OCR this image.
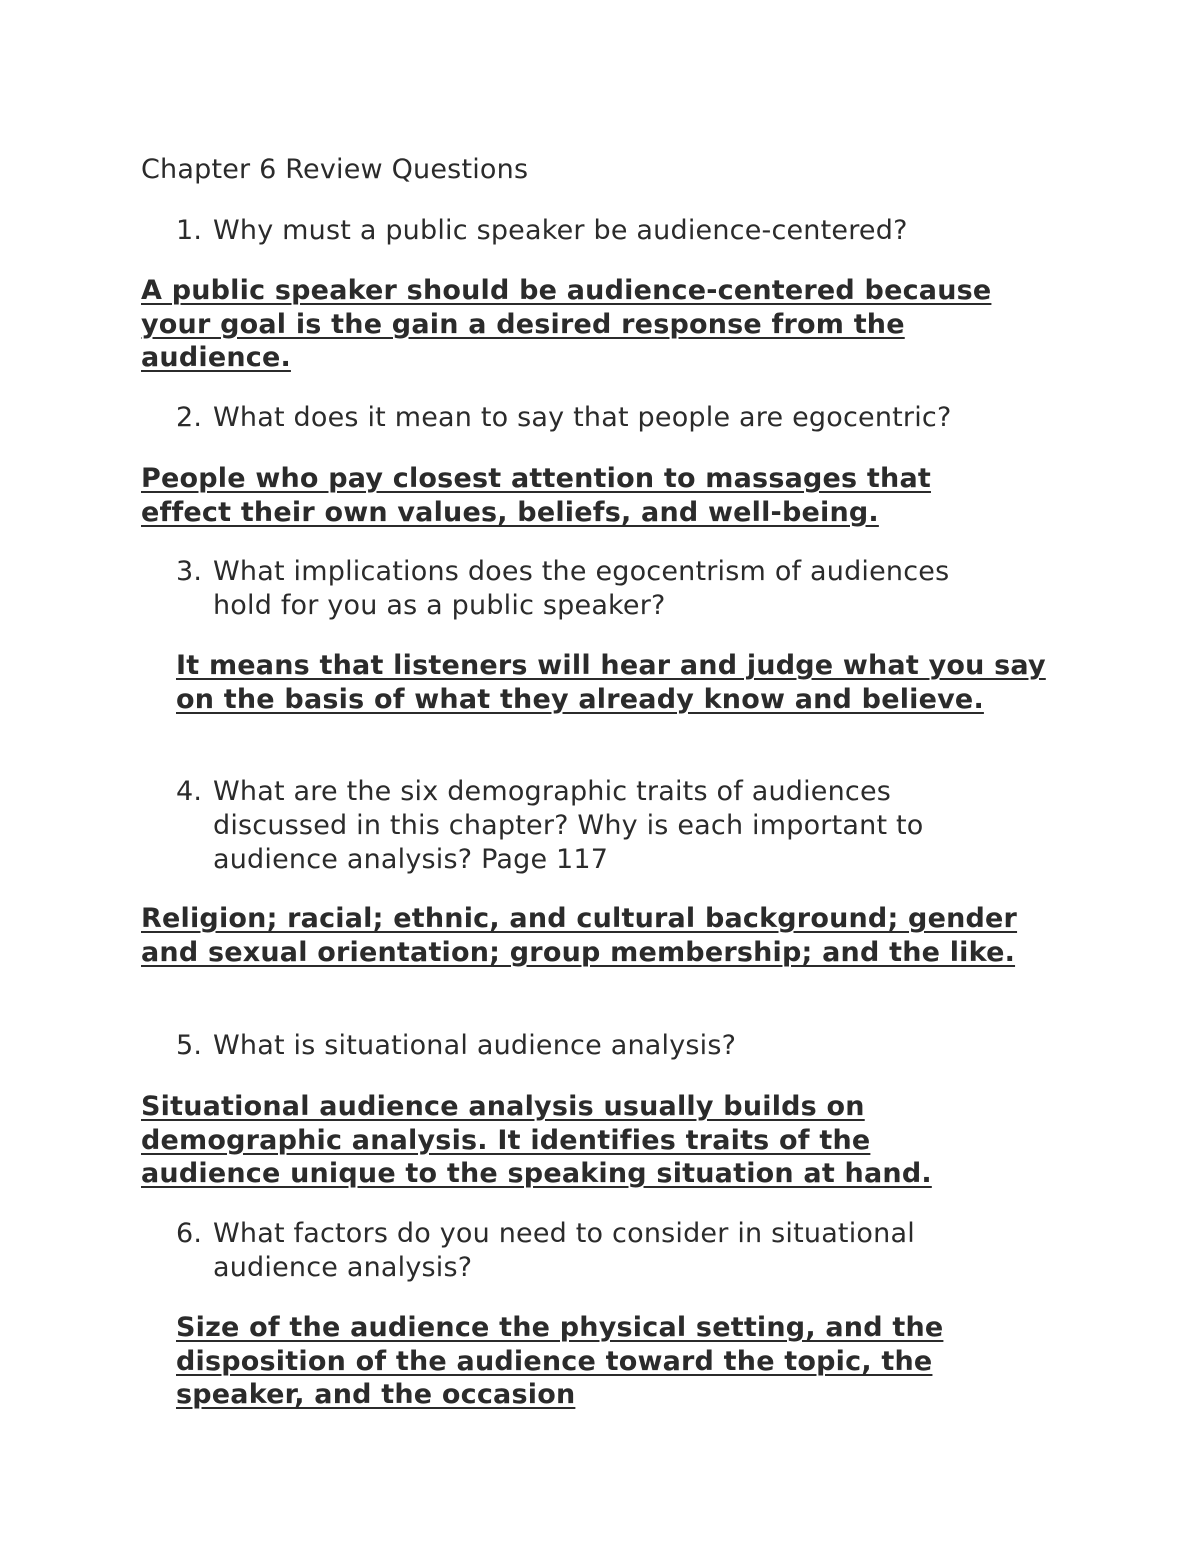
Chapter 6 Review Questions
1. Why must a public speaker be audience-centered?
A public speaker should be audience-centered because your goal is the gain a desired response from the audience.
2. What does it mean to say that people are egocentric?
People who pay closest attention to massages that effect their own values, beliefs, and well-being.
3. What implications does the egocentrism of audiences hold for you as a public speaker?
It means that listeners will hear and judge what you say on the basis of what they already know and believe.
4. What are the six demographic traits of audiences discussed in this chapter? Why is each important to audience analysis? Page 117
Religion; racial; ethnic, and cultural background; gender and sexual orientation; group membership; and the like.
5. What is situational audience analysis?
Situational audience analysis usually builds on demographic analysis. It identifies traits of the audience unique to the speaking situation at hand.
6. What factors do you need to consider in situational audience analysis?
Size of the audience the physical setting, and the disposition of the audience toward the topic, the speaker, and the occasion
